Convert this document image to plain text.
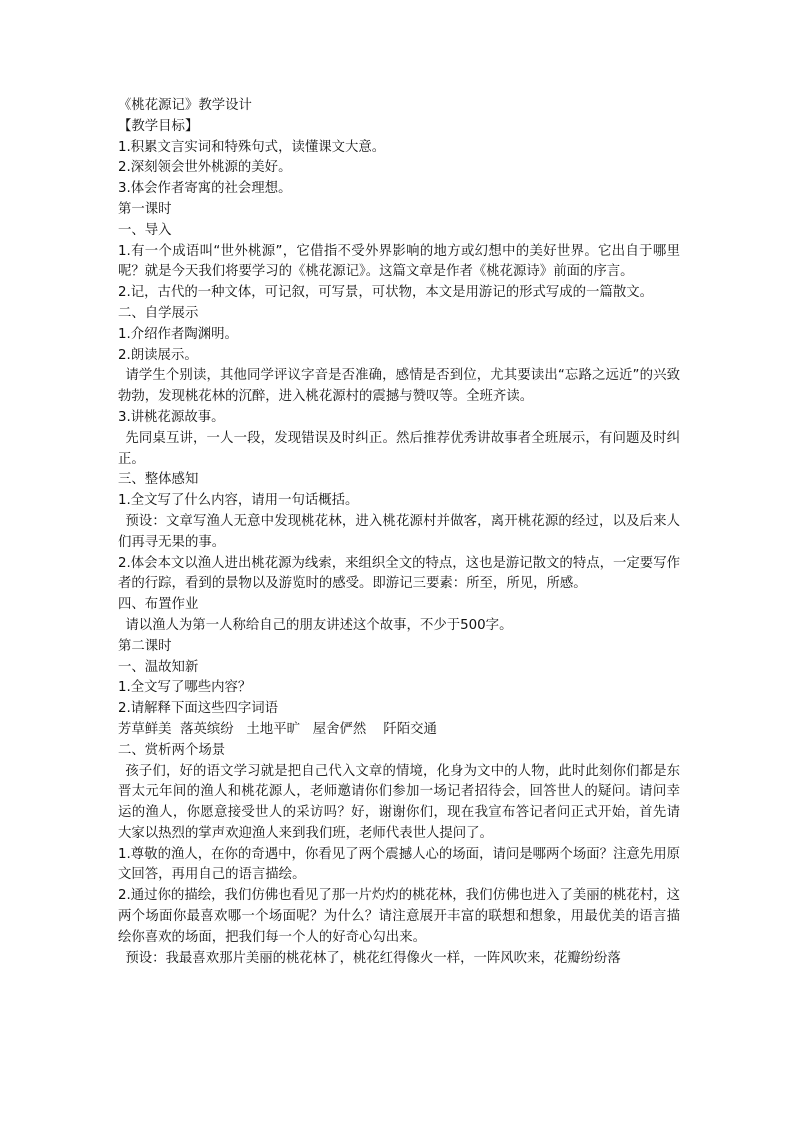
《桃花源记》教学设计
【教学目标】
1.积累文言实词和特殊句式，读懂课文大意。
2.深刻领会世外桃源的美好。
3.体会作者寄寓的社会理想。
第一课时
一、导入
1.有一个成语叫“世外桃源”，它借指不受外界影响的地方或幻想中的美好世界。它出自于哪里呢？就是今天我们将要学习的《桃花源记》。这篇文章是作者《桃花源诗》前面的序言。
2.记，古代的一种文体，可记叙，可写景，可状物，本文是用游记的形式写成的一篇散文。
二、自学展示
1.介绍作者陶渊明。
2.朗读展示。
请学生个别读，其他同学评议字音是否准确，感情是否到位，尤其要读出“忘路之远近”的兴致勃勃，发现桃花林的沉醉，进入桃花源村的震撼与赞叹等。全班齐读。
3.讲桃花源故事。
先同桌互讲，一人一段，发现错误及时纠正。然后推荐优秀讲故事者全班展示，有问题及时纠正。
三、整体感知
1.全文写了什么内容，请用一句话概括。
预设：文章写渔人无意中发现桃花林，进入桃花源村并做客，离开桃花源的经过，以及后来人们再寻无果的事。
2.体会本文以渔人进出桃花源为线索，来组织全文的特点，这也是游记散文的特点，一定要写作者的行踪，看到的景物以及游览时的感受。即游记三要素：所至，所见，所感。
四、布置作业
请以渔人为第一人称给自己的朋友讲述这个故事，不少于500字。
第二课时
一、温故知新
1.全文写了哪些内容？
2.请解释下面这些四字词语
芳草鲜美  落英缤纷   土地平旷   屋舍俨然    阡陌交通
二、赏析两个场景
孩子们，好的语文学习就是把自己代入文章的情境，化身为文中的人物，此时此刻你们都是东晋太元年间的渔人和桃花源人，老师邀请你们参加一场记者招待会，回答世人的疑问。请问幸运的渔人，你愿意接受世人的采访吗？好，谢谢你们，现在我宣布答记者问正式开始，首先请大家以热烈的掌声欢迎渔人来到我们班，老师代表世人提问了。
1.尊敬的渔人，在你的奇遇中，你看见了两个震撼人心的场面，请问是哪两个场面？注意先用原文回答，再用自己的语言描绘。
2.通过你的描绘，我们仿佛也看见了那一片灼灼的桃花林，我们仿佛也进入了美丽的桃花村，这两个场面你最喜欢哪一个场面呢？为什么？请注意展开丰富的联想和想象，用最优美的语言描绘你喜欢的场面，把我们每一个人的好奇心勾出来。
预设：我最喜欢那片美丽的桃花林了，桃花红得像火一样，一阵风吹来，花瓣纷纷落
